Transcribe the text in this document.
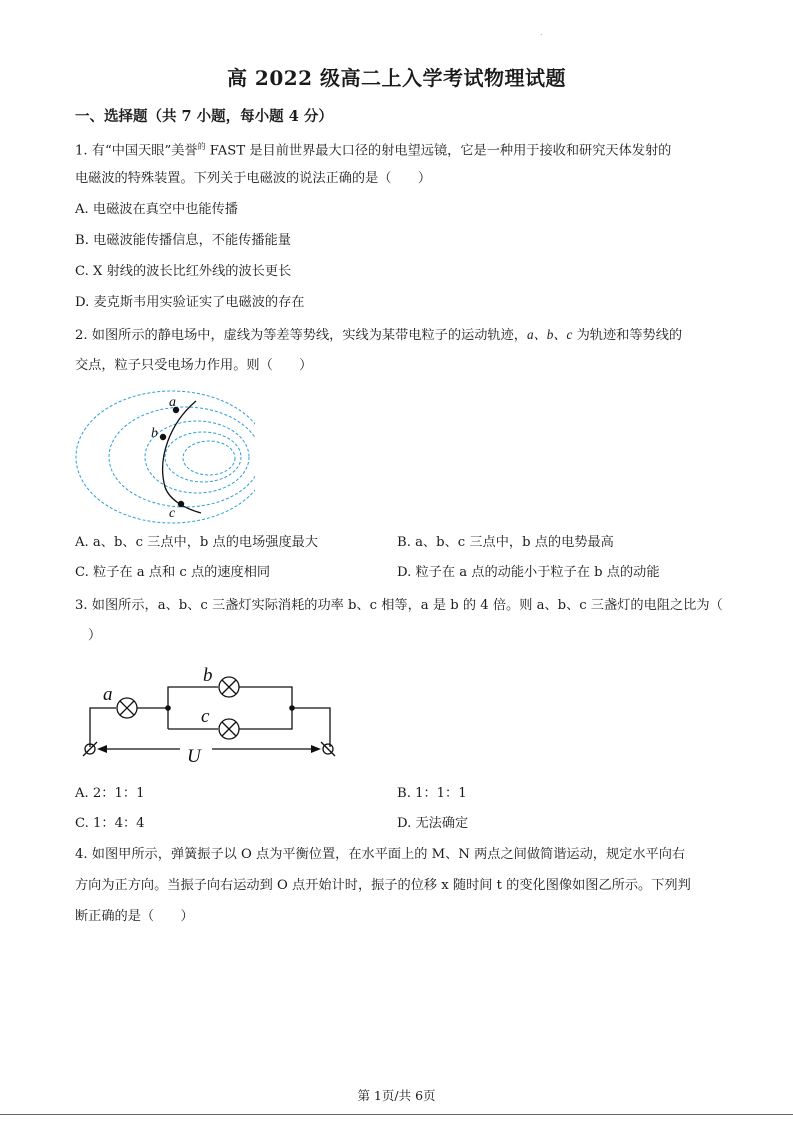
.
高 2022 级高二上入学考试物理试题
一、选择题（共 7 小题，每小题 4 分）
1. 有“中国天眼”美誉$^的$ FAST 是目前世界最大口径的射电望远镜，它是一种用于接收和研究天体发射的
电磁波的特殊装置。下列关于电磁波的说法正确的是（　　）
A. 电磁波在真空中也能传播
B. 电磁波能传播信息，不能传播能量
C. X 射线的波长比红外线的波长更长
D. 麦克斯韦用实验证实了电磁波的存在
2. 如图所示的静电场中，虚线为等差等势线，实线为某带电粒子的运动轨迹，a、b、c 为轨迹和等势线的
交点，粒子只受电场力作用。则（　　）
a
b
c
A. a、b、c 三点中，b 点的电场强度最大	B. a、b、c 三点中，b 点的电势最高
C. 粒子在 a 点和 c 点的速度相同	D. 粒子在 a 点的动能小于粒子在 b 点的动能
3. 如图所示，a、b、c 三盏灯实际消耗的功率 b、c 相等，a 是 b 的 4 倍。则 a、b、c 三盏灯的电阻之比为（
）
a
b
c
U
A. 2：1：1	B. 1：1：1
C. 1：4：4	D. 无法确定
4. 如图甲所示，弹簧振子以 O 点为平衡位置，在水平面上的 M、N 两点之间做简谐运动，规定水平向右
方向为正方向。当振子向右运动到 O 点开始计时，振子的位移 x 随时间 t 的变化图像如图乙所示。下列判
断正确的是（　　）
第 1页/共 6页
